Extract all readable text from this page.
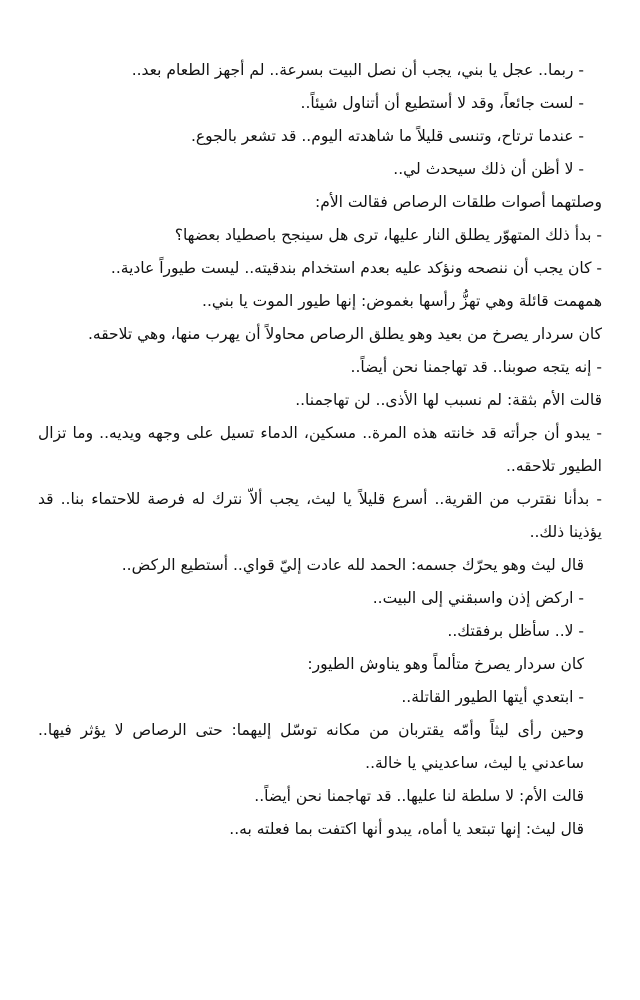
- ربما.. عجل يا بني، يجب أن نصل البيت بسرعة.. لم أجهز الطعام بعد..

- لست جائعاً، وقد لا أستطيع أن أتناول شيئاً..

- عندما ترتاح، وتنسى قليلاً ما شاهدته اليوم.. قد تشعر بالجوع.

- لا أظن أن ذلك سيحدث لي..

وصلتهما أصوات طلقات الرصاص فقالت الأم:

- بدأ ذلك المتهوّر يطلق النار عليها، ترى هل سينجح باصطياد بعضها؟

- كان يجب أن ننصحه ونؤكد عليه بعدم استخدام بندقيته.. ليست طيوراً عادية..

همهمت قائلة وهي تهزُّ رأسها بغموض: إنها طيور الموت يا بني..

كان سردار يصرخ من بعيد وهو يطلق الرصاص محاولاً أن يهرب منها، وهي تلاحقه.

- إنه يتجه صوبنا.. قد تهاجمنا نحن أيضاً..

قالت الأم بثقة: لم نسبب لها الأذى.. لن تهاجمنا..

- يبدو أن جرأته قد خانته هذه المرة.. مسكين، الدماء تسيل على وجهه ويديه.. وما تزال الطيور تلاحقه..

- بدأنا نقترب من القرية.. أسرع قليلاً يا ليث، يجب ألاّ نترك له فرصة للاحتماء بنا.. قد يؤذينا ذلك..

قال ليث وهو يحرّك جسمه: الحمد لله عادت إليّ قواي.. أستطيع الركض..

- اركض إذن واسبقني إلى البيت..

- لا.. سأظل برفقتك..

كان سردار يصرخ متألماً وهو يناوش الطيور:

- ابتعدي أيتها الطيور القاتلة..

وحين رأى ليثاً وأمّه يقتربان من مكانه توسّل إليهما: حتى الرصاص لا يؤثر فيها.. ساعدني يا ليث، ساعديني يا خالة..

قالت الأم: لا سلطة لنا عليها.. قد تهاجمنا نحن أيضاً..

قال ليث: إنها تبتعد يا أماه، يبدو أنها اكتفت بما فعلته به..
